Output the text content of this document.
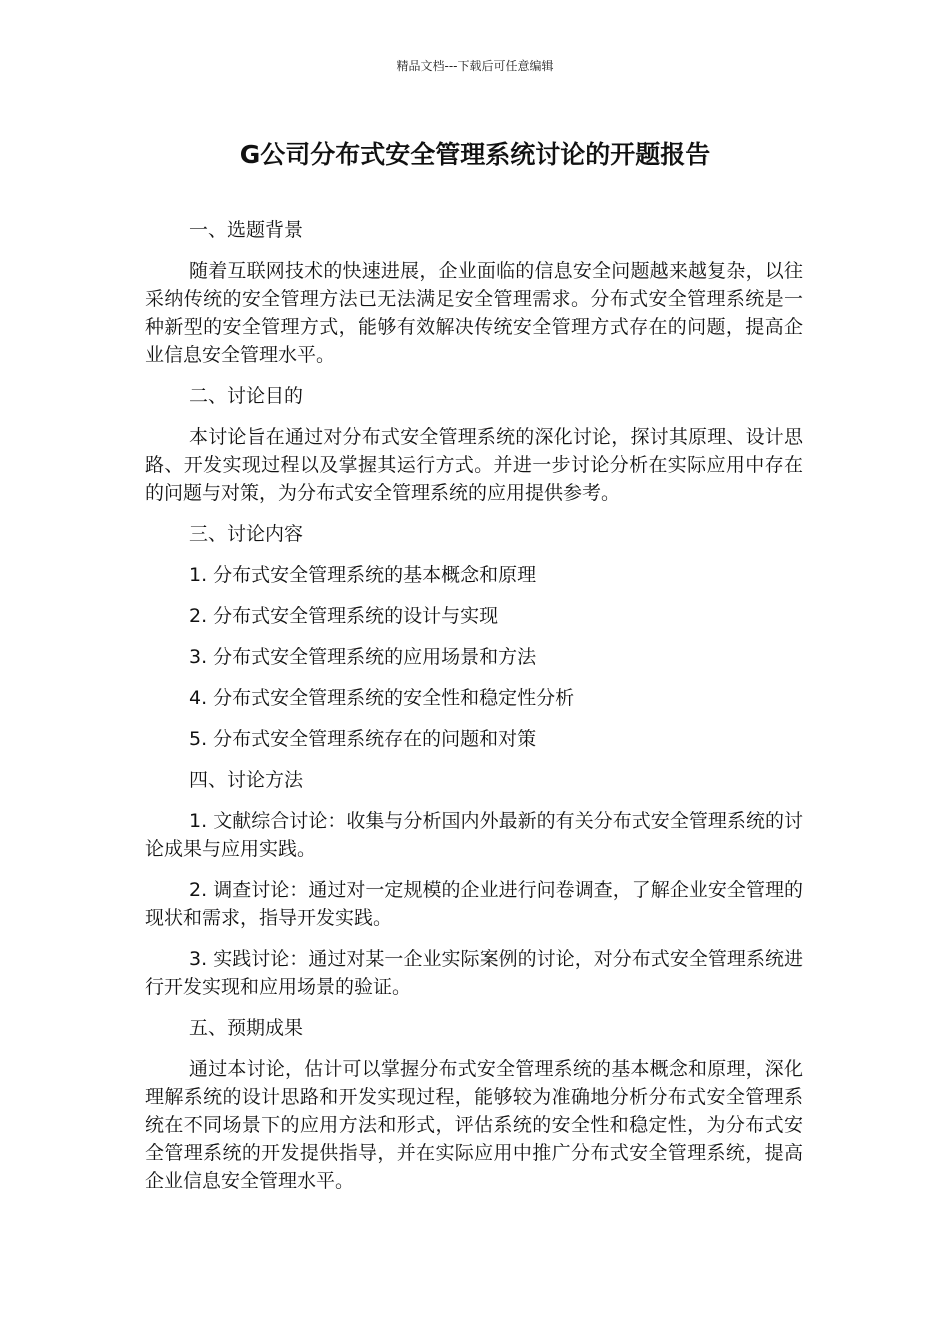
精品文档---下载后可任意编辑
G公司分布式安全管理系统讨论的开题报告

一、选题背景

随着互联网技术的快速进展，企业面临的信息安全问题越来越复杂，以往采纳传统的安全管理方法已无法满足安全管理需求。分布式安全管理系统是一种新型的安全管理方式，能够有效解决传统安全管理方式存在的问题，提高企业信息安全管理水平。

二、讨论目的

本讨论旨在通过对分布式安全管理系统的深化讨论，探讨其原理、设计思路、开发实现过程以及掌握其运行方式。并进一步讨论分析在实际应用中存在的问题与对策，为分布式安全管理系统的应用提供参考。

三、讨论内容

1. 分布式安全管理系统的基本概念和原理

2. 分布式安全管理系统的设计与实现

3. 分布式安全管理系统的应用场景和方法

4. 分布式安全管理系统的安全性和稳定性分析

5. 分布式安全管理系统存在的问题和对策

四、讨论方法

1. 文献综合讨论：收集与分析国内外最新的有关分布式安全管理系统的讨论成果与应用实践。

2. 调查讨论：通过对一定规模的企业进行问卷调查，了解企业安全管理的现状和需求，指导开发实践。

3. 实践讨论：通过对某一企业实际案例的讨论，对分布式安全管理系统进行开发实现和应用场景的验证。

五、预期成果

通过本讨论，估计可以掌握分布式安全管理系统的基本概念和原理，深化理解系统的设计思路和开发实现过程，能够较为准确地分析分布式安全管理系统在不同场景下的应用方法和形式，评估系统的安全性和稳定性，为分布式安全管理系统的开发提供指导，并在实际应用中推广分布式安全管理系统，提高企业信息安全管理水平。
